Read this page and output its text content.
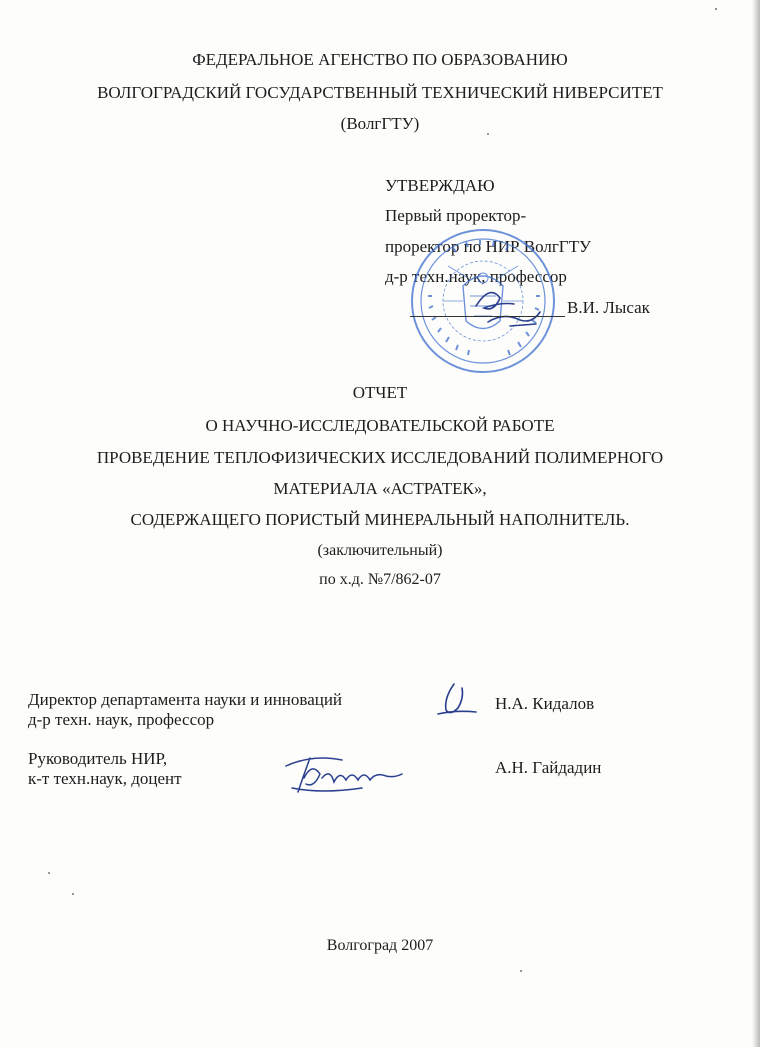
ФЕДЕРАЛЬНОЕ АГЕНСТВО ПО ОБРАЗОВАНИЮ
ВОЛГОГРАДСКИЙ ГОСУДАРСТВЕННЫЙ ТЕХНИЧЕСКИЙ НИВЕРСИТЕТ
(ВолгГТУ)
УТВЕРЖДАЮ
Первый проректор-
проректор по НИР ВолгГТУ
д-р техн.наук, профессор
В.И. Лысак
ОТЧЕТ
О НАУЧНО-ИССЛЕДОВАТЕЛЬСКОЙ РАБОТЕ
ПРОВЕДЕНИЕ ТЕПЛОФИЗИЧЕСКИХ ИССЛЕДОВАНИЙ ПОЛИМЕРНОГО
МАТЕРИАЛА «АСТРАТЕК»,
СОДЕРЖАЩЕГО ПОРИСТЫЙ МИНЕРАЛЬНЫЙ НАПОЛНИТЕЛЬ.
(заключительный)
по х.д. №7/862-07
Директор департамента науки и инноваций
д-р техн. наук, профессор
Н.А. Кидалов
Руководитель НИР,
к-т техн.наук, доцент
А.Н. Гайдадин
Волгоград 2007
